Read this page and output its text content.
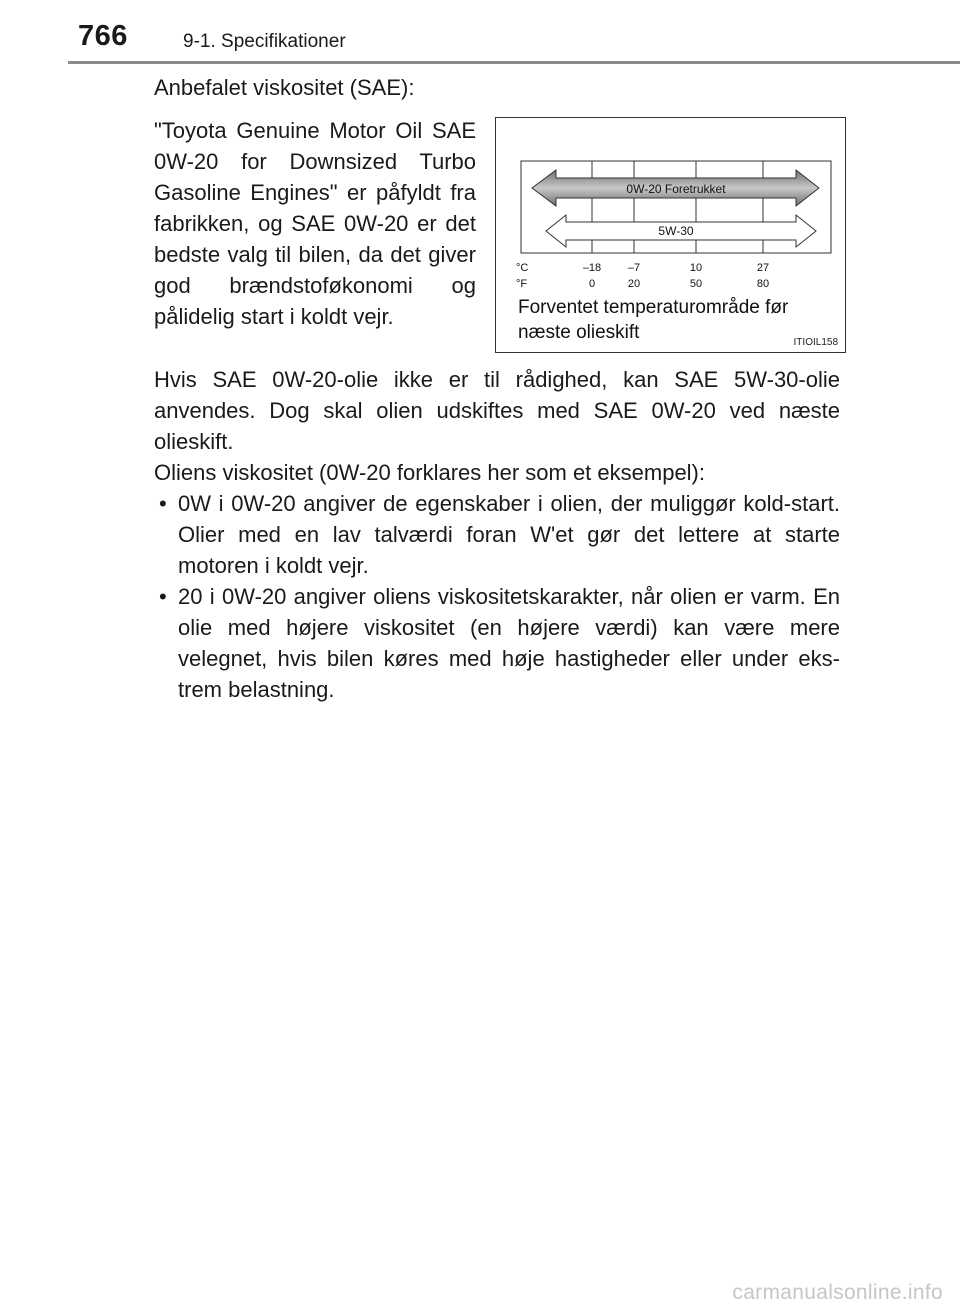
766	9-1. Specifikationer

Anbefalet viskositet (SAE):

"Toyota Genuine Motor Oil SAE 0W-20 for Downsized Turbo Gasoline Engines" er påfyldt fra fabrikken, og SAE 0W-20 er det bedste valg til bilen, da det giver god brændstoføkonomi og pålidelig start i koldt vejr.

0W-20 Foretrukket
5W-30
°C
°F
–18 –7	10	27
0	20	50	80

Forventet temperaturområde før
næste olieskift	ITIOIL158

Hvis SAE 0W-20-olie ikke er til rådighed, kan SAE 5W-30-olie anvendes. Dog skal olien udskiftes med SAE 0W-20 ved næste olieskift.

Oliens viskositet (0W-20 forklares her som et eksempel):

• 0W i 0W-20 angiver de egenskaber i olien, der muliggør kold-start. Olier med en lav talværdi foran W'et gør det lettere at starte motoren i koldt vejr.
• 20 i 0W-20 angiver oliens viskositetskarakter, når olien er varm. En olie med højere viskositet (en højere værdi) kan være mere velegnet, hvis bilen køres med høje hastigheder eller under eks-trem belastning.
carmanualsonline.info
